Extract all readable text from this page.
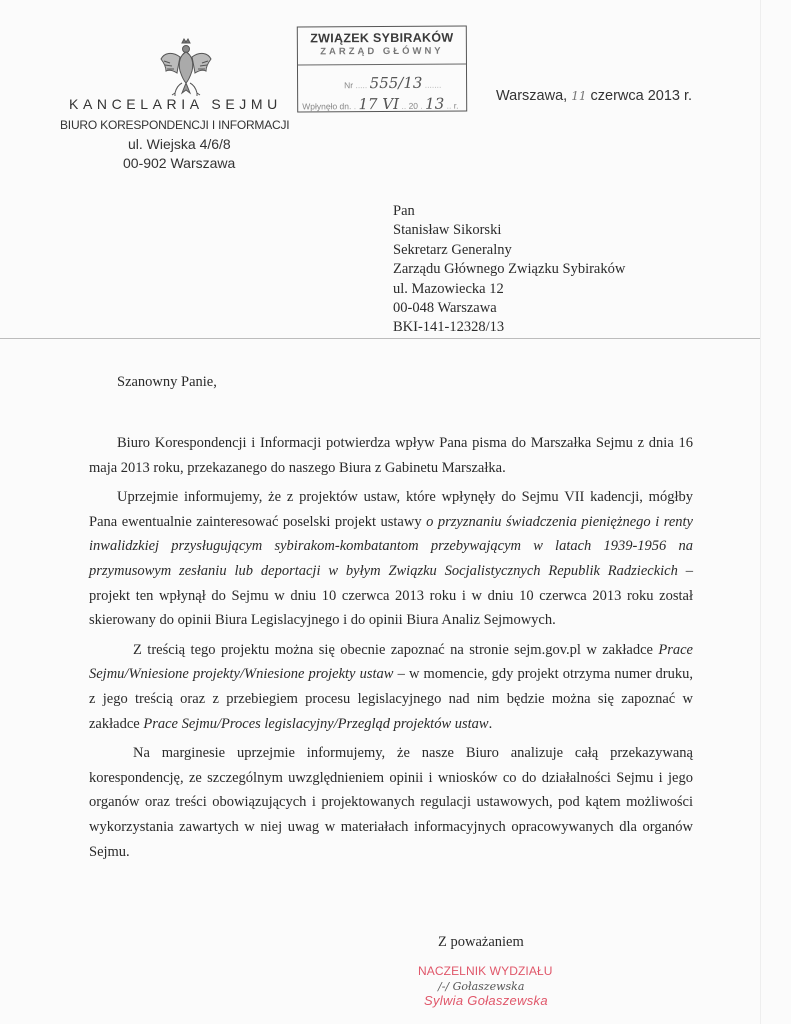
KANCELARIA SEJMU
BIURO KORESPONDENCJI I INFORMACJI
ul. Wiejska 4/6/8
00-902 Warszawa
ZWIĄZEK SYBIRAKÓW
ZARZĄD GŁÓWNY
Nr ..... 555/13 .......
Wpłynęło dn. . 17 VI .. 20 . 13 .. r.
Warszawa, 11 czerwca 2013 r.
Pan
Stanisław Sikorski
Sekretarz Generalny
Zarządu Głównego Związku Sybiraków
ul. Mazowiecka 12
00-048 Warszawa
BKI-141-12328/13
Szanowny Panie,

Biuro Korespondencji i Informacji potwierdza wpływ Pana pisma do Marszałka Sejmu z dnia 16 maja 2013 roku, przekazanego do naszego Biura z Gabinetu Marszałka.

Uprzejmie informujemy, że z projektów ustaw, które wpłynęły do Sejmu VII kadencji, mógłby Pana ewentualnie zainteresować poselski projekt ustawy o przyznaniu świadczenia pieniężnego i renty inwalidzkiej przysługującym sybirakom-kombatantom przebywającym w latach 1939-1956 na przymusowym zesłaniu lub deportacji w byłym Związku Socjalistycznych Republik Radzieckich – projekt ten wpłynął do Sejmu w dniu 10 czerwca 2013 roku i w dniu 10 czerwca 2013 roku został skierowany do opinii Biura Legislacyjnego i do opinii Biura Analiz Sejmowych.

Z treścią tego projektu można się obecnie zapoznać na stronie sejm.gov.pl w zakładce Prace Sejmu/Wniesione projekty/Wniesione projekty ustaw – w momencie, gdy projekt otrzyma numer druku, z jego treścią oraz z przebiegiem procesu legislacyjnego nad nim będzie można się zapoznać w zakładce Prace Sejmu/Proces legislacyjny/Przegląd projektów ustaw.

Na marginesie uprzejmie informujemy, że nasze Biuro analizuje całą przekazywaną korespondencję, ze szczególnym uwzględnieniem opinii i wniosków co do działalności Sejmu i jego organów oraz treści obowiązujących i projektowanych regulacji ustawowych, pod kątem możliwości wykorzystania zawartych w niej uwag w materiałach informacyjnych opracowywanych dla organów Sejmu.

Z poważaniem
NACZELNIK WYDZIAŁU
/-/ Gołaszewska
Sylwia Gołaszewska
